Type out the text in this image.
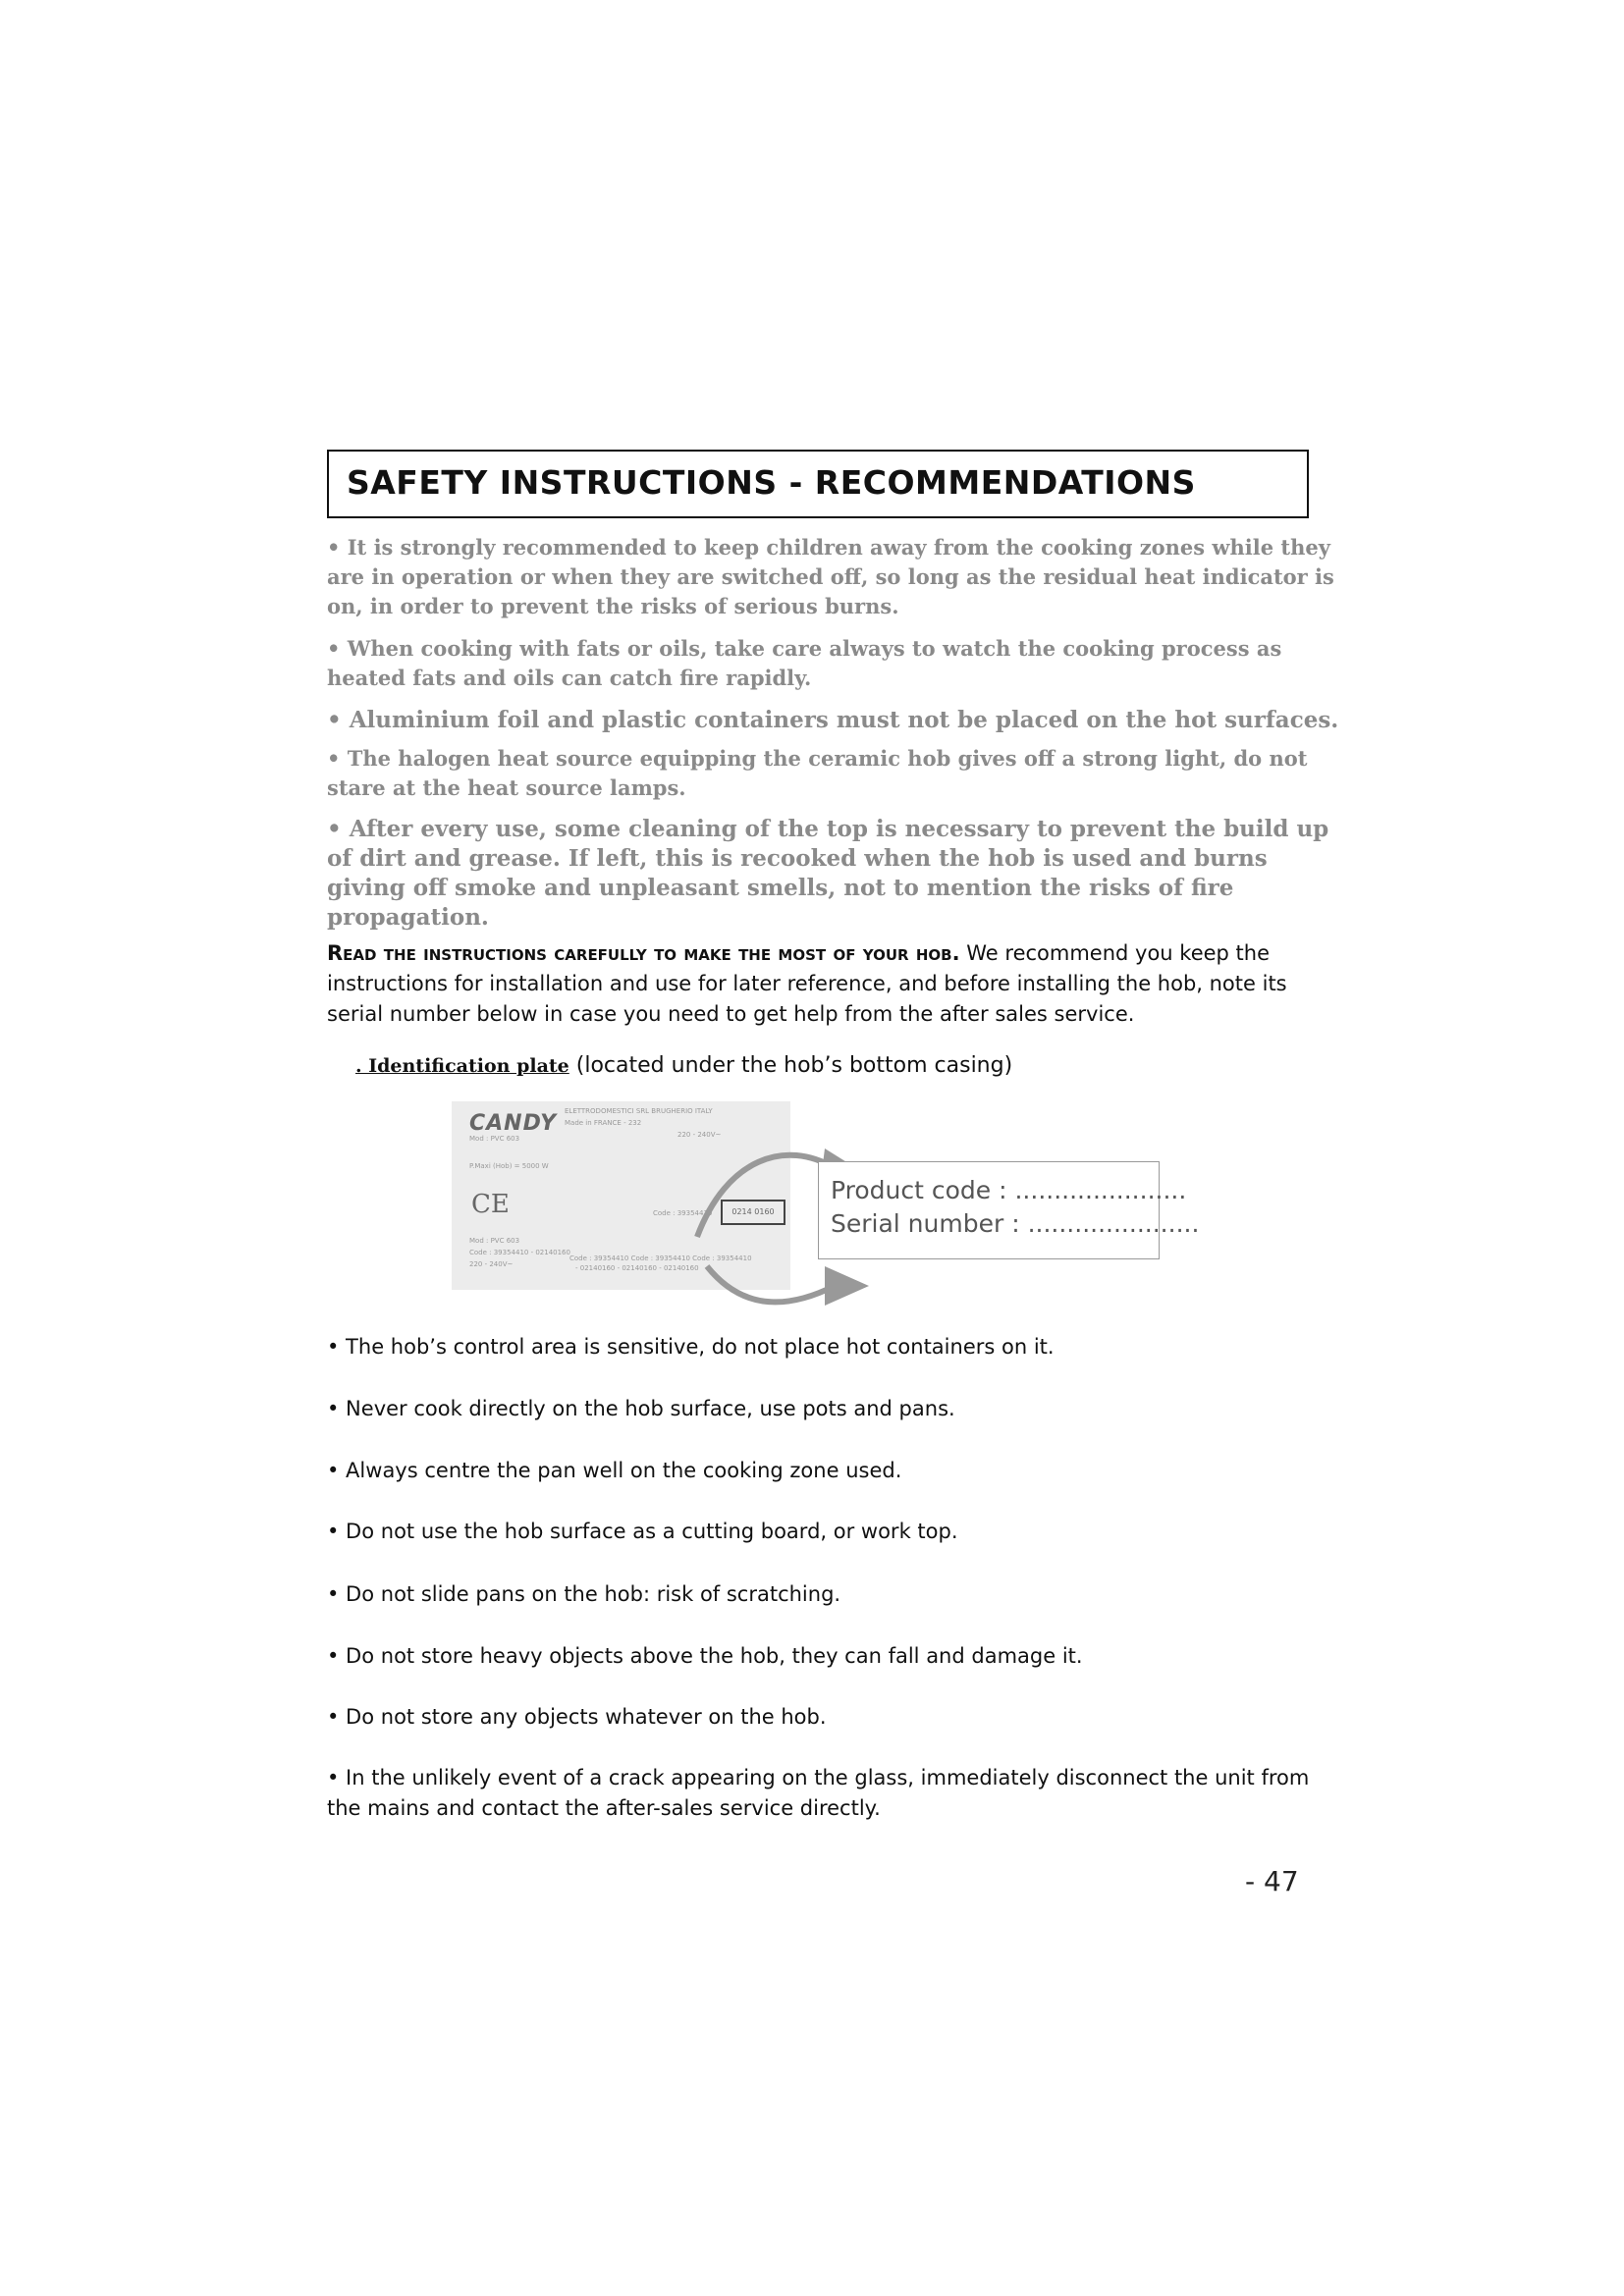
SAFETY INSTRUCTIONS - RECOMMENDATIONS

• It is strongly recommended to keep children away from the cooking zones while they are in operation or when they are switched off, so long as the residual heat indicator is on, in order to prevent the risks of serious burns.

• When cooking with fats or oils, take care always to watch the cooking process as heated fats and oils can catch fire rapidly.

• Aluminium foil and plastic containers must not be placed on the hot surfaces.

• The halogen heat source equipping the ceramic hob gives off a strong light, do not stare at the heat source lamps.

• After every use, some cleaning of the top is necessary to prevent the build up of dirt and grease. If left, this is recooked when the hob is used and burns giving off smoke and unpleasant smells, not to mention the risks of fire propagation.

Read the instructions carefully to make the most of your hob. We recommend you keep the instructions for installation and use for later reference, and before installing the hob, note its serial number below in case you need to get help from the after sales service.

. Identification plate (located under the hob’s bottom casing)

CANDY ELETTRODOMESTICI SRL BRUGHERIO ITALY
Made in FRANCE - 232
Mod : PVC 603	220 - 240V~
P.Maxi (Hob) = 5000 W
CE	Code : 39354410	0214 0160
Mod : PVC 603
Code : 39354410 - 02140160
220 - 240V~
Code : 39354410 Code : 39354410 Code : 39354410
- 02140160 - 02140160 - 02140160
Product code : ......................
Serial number : ......................

• The hob’s control area is sensitive, do not place hot containers on it.

• Never cook directly on the hob surface, use pots and pans.

• Always centre the pan well on the cooking zone used.

• Do not use the hob surface as a cutting board, or work top.

• Do not slide pans on the hob: risk of scratching.

• Do not store heavy objects above the hob, they can fall and damage it.

• Do not store any objects whatever on the hob.

• In the unlikely event of a crack appearing on the glass, immediately disconnect the unit from the mains and contact the after-sales service directly.

- 47
